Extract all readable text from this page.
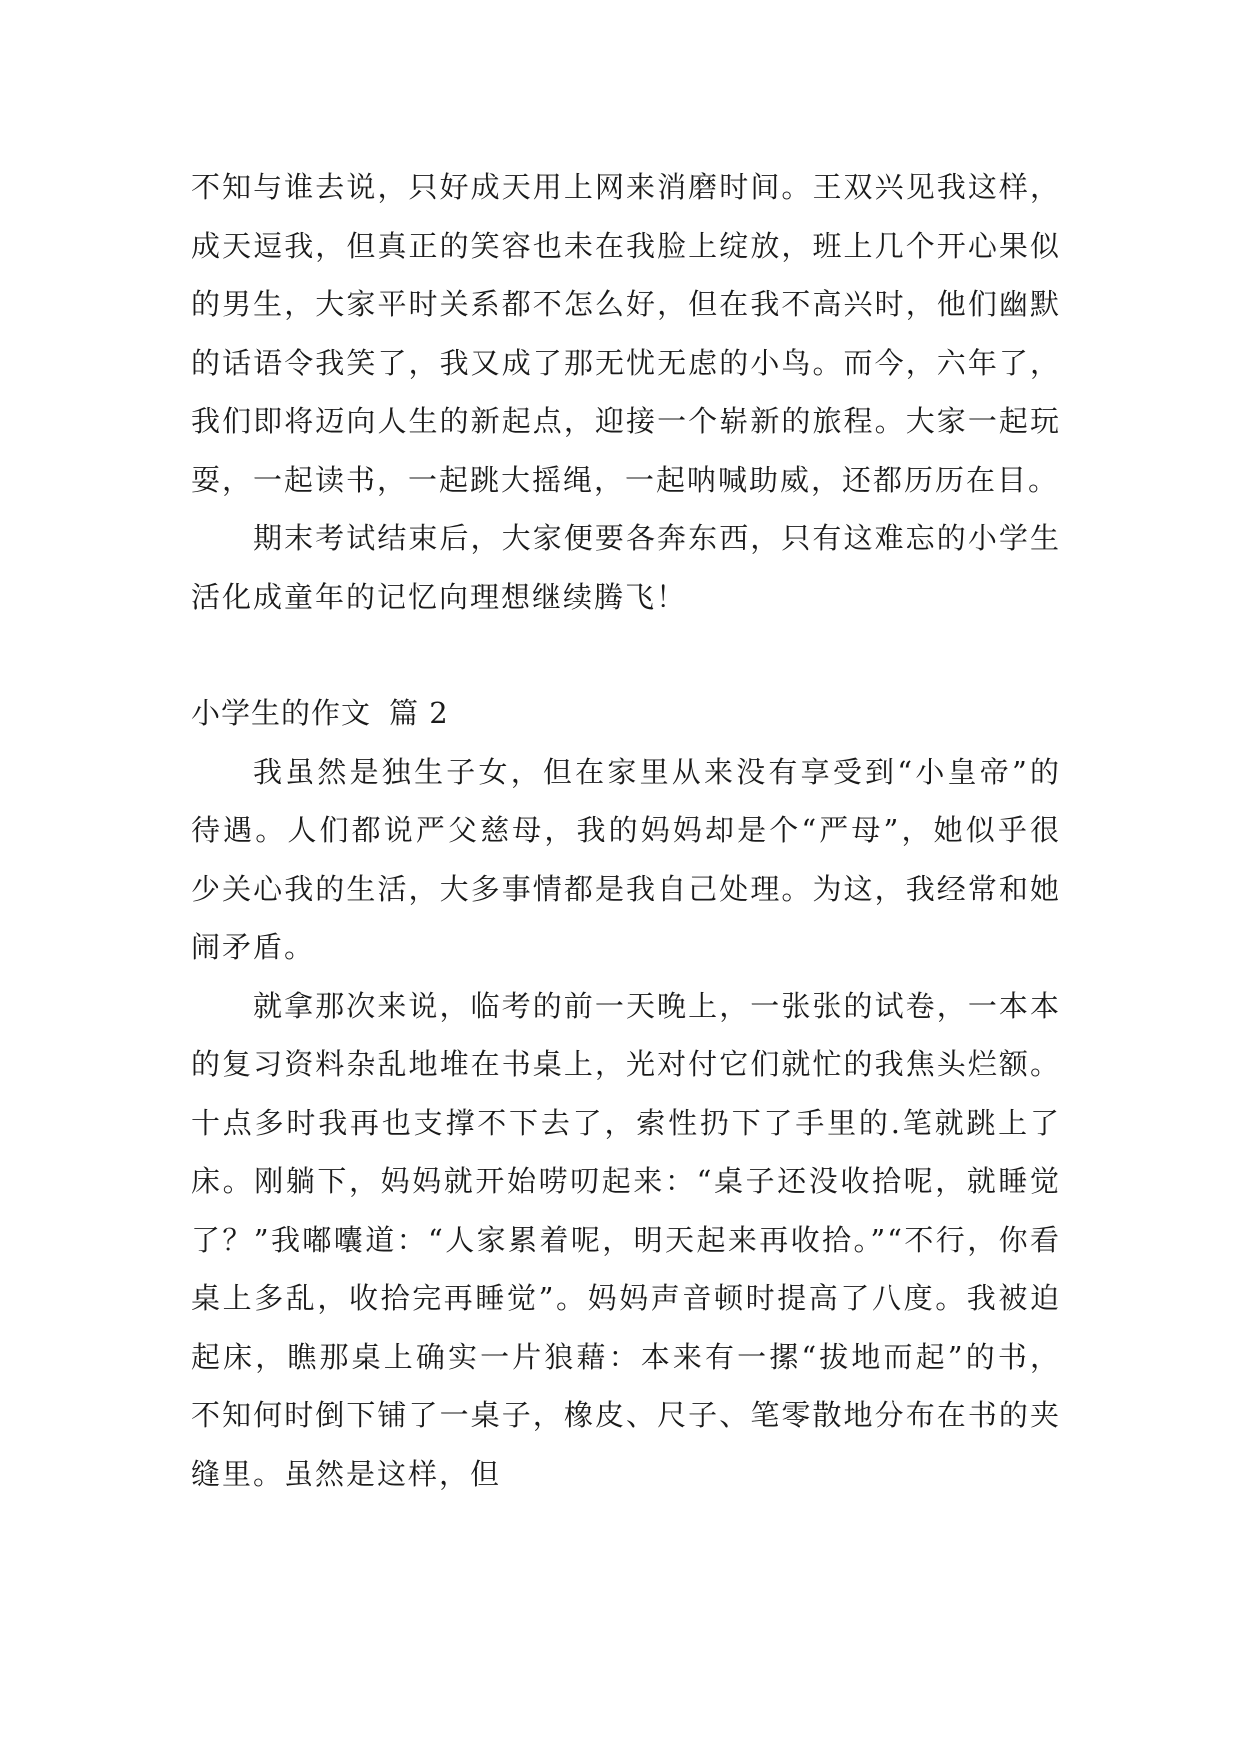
不知与谁去说，只好成天用上网来消磨时间。王双兴见我这样，成天逗我，但真正的笑容也未在我脸上绽放，班上几个开心果似的男生，大家平时关系都不怎么好，但在我不高兴时，他们幽默的话语令我笑了，我又成了那无忧无虑的小鸟。而今，六年了，我们即将迈向人生的新起点，迎接一个崭新的旅程。大家一起玩耍，一起读书，一起跳大摇绳，一起呐喊助威，还都历历在目。

期末考试结束后，大家便要各奔东西，只有这难忘的小学生活化成童年的记忆向理想继续腾飞！

小学生的作文 篇 2

我虽然是独生子女，但在家里从来没有享受到“小皇帝”的待遇。人们都说严父慈母，我的妈妈却是个“严母”，她似乎很少关心我的生活，大多事情都是我自己处理。为这，我经常和她闹矛盾。

就拿那次来说，临考的前一天晚上，一张张的试卷，一本本的复习资料杂乱地堆在书桌上，光对付它们就忙的我焦头烂额。十点多时我再也支撑不下去了，索性扔下了手里的.笔就跳上了床。刚躺下，妈妈就开始唠叨起来：“桌子还没收拾呢，就睡觉了？”我嘟囔道：“人家累着呢，明天起来再收拾。”“不行，你看桌上多乱，收拾完再睡觉”。妈妈声音顿时提高了八度。我被迫起床，瞧那桌上确实一片狼藉：本来有一摞“拔地而起”的书，不知何时倒下铺了一桌子，橡皮、尺子、笔零散地分布在书的夹缝里。虽然是这样，但
